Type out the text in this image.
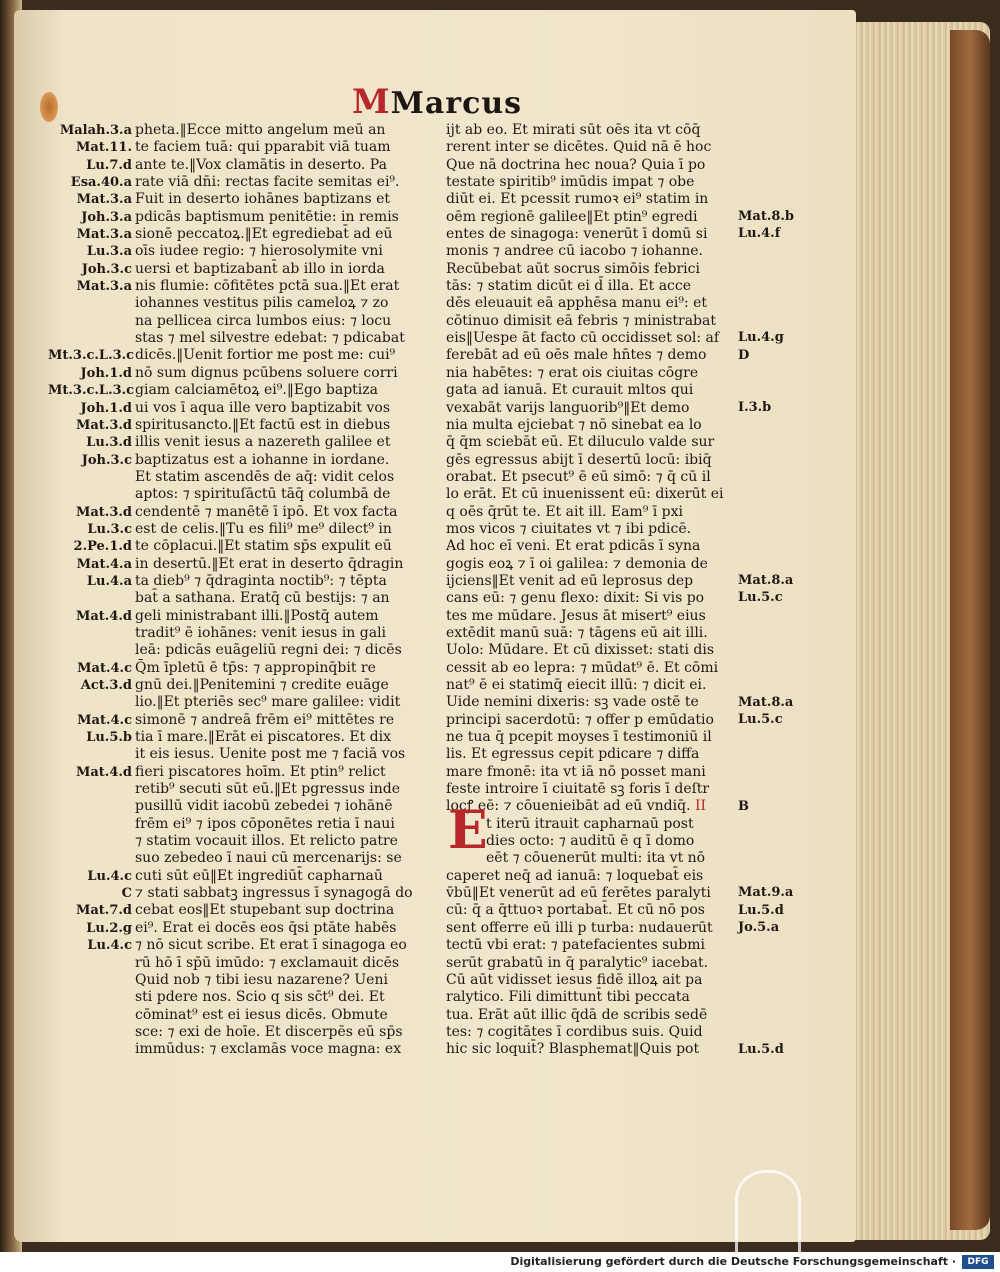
MMarcus
Malah.3.a
Mat.11.
Lu.7.d
Esa.40.a
Mat.3.a
Joh.3.a
Mat.3.a
Lu.3.a
Joh.3.c
Mat.3.a
Mt.3.c.L.3.c
Joh.1.d
Mt.3.c.L.3.c
Joh.1.d
Mat.3.d
Lu.3.d
Joh.3.c
Mat.3.d
Lu.3.c
2.Pe.1.d
Mat.4.a
Lu.4.a
Mat.4.d
Mat.4.c
Act.3.d
Mat.4.c
Lu.5.b
Mat.4.d
Lu.4.c
C
Mat.7.d
Lu.2.g
Lu.4.c
pheta.‖Ecce mitto angelum meū an
te faciem tuā: qui pparabit viā tuam
ante te.‖Vox clamātis in deserto. Pa
rate viā dn̄i: rectas facite semitas ei⁹.
Fuit in deserto iohānes baptizans et
pdicās baptismum penitētie: in remis
sionē peccatoꝝ.‖Et egrediebat̄ ad eū
oīs iudee regio: ⁊ hierosolymite vni
uersi et baptizabant̄ ab illo in iorda
nis flumie: cōfitētes pctā sua.‖Et erat
iohannes vestitus pilis cameloꝝ ⁊ zo
na pellicea circa lumbos eius: ⁊ locu
stas ⁊ mel silvestre edebat: ⁊ pdicabat
dicēs.‖Uenit fortior me post me: cui⁹
nō sum dignus pcūbens soluere corri
giam calciamētoꝝ ei⁹.‖Ego baptiza
ui vos ī aqua ille vero baptizabit vos
spiritusancto.‖Et factū est in diebus
illis venit iesus a nazereth galilee et
baptizatus est a iohanne in iordane.
Et statim ascendēs de aq̄: vidit celos
aptos: ⁊ spirituſāctū tāq̄ columbā de
cendentē ⁊ manētē ī ipō. Et vox facta
est de celis.‖Tu es fili⁹ me⁹ dilect⁹ in
te cōplacui.‖Et statim sp̄s expulit eū
in desertū.‖Et erat in deserto q̄dragin
ta dieb⁹ ⁊ q̄draginta noctib⁹: ⁊ tēpta
bat̄ a sathana. Eratq̄ cū bestijs: ⁊ an
geli ministrabant illi.‖Postq̄ autem
tradit⁹ ē iohānes: venit iesus in gali
leā: pdicās euāgeliū regni dei: ⁊ dicēs
Q̄m īpletū ē tp̄s: ⁊ appropinq̄bit re
gnū dei.‖Penitemini ⁊ credite euāge
lio.‖Et pteriēs sec⁹ mare galilee: vidit
simonē ⁊ andreā frēm ei⁹ mittētes re
tia ī mare.‖Erāt ei piscatores. Et dix
it eis iesus. Uenite post me ⁊ faciā vos
fieri piscatores hoīm. Et ptin⁹ relict
retib⁹ secuti sūt eū.‖Et pgressus inde
pusillū vidit iacobū zebedei ⁊ iohānē
frēm ei⁹ ⁊ ipos cōponētes retia ī naui
⁊ statim vocauit illos. Et relicto patre
suo zebedeo ī naui cū mercenarijs: se
cuti sūt eū‖Et ingrediūt̄ capharnaū
⁊ stati sabbatꝫ ingressus ī synagogā do
cebat eos‖Et stupebant sup doctrina
ei⁹. Erat ei docēs eos q̄si ptāte habēs
⁊ nō sicut scribe. Et erat ī sinagoga eo
rū hō ī sp̄ū imūdo: ⁊ exclamauit dicēs
Quid nob ⁊ tibi iesu nazarene? Ueni
sti pdere nos. Scio q sis sc̄t⁹ dei. Et
cōminat⁹ est ei iesus dicēs. Obmute
sce: ⁊ exi de hoīe. Et discerpēs eū sp̄s
immūdus: ⁊ exclamās voce magna: ex
ijt ab eo. Et mirati sūt oēs ita vt cōq̄
rerent inter se dicētes. Quid nā ē hoc
Que nā doctrina hec noua? Quia ī po
testate spiritib⁹ imūdis impat ⁊ obe
diūt ei. Et pcessit rumoꝛ ei⁹ statim in
oēm regionē galilee‖Et ptin⁹ egredi
entes de sinagoga: venerūt ī domū si
monis ⁊ andree cū iacobo ⁊ iohanne.
Recūbebat aūt socrus simōis febrici
tās: ⁊ statim dicūt ei d̄ illa. Et acce
dēs eleuauit eā apphēsa manu ei⁹: et
cōtinuo dimisit eā febris ⁊ ministrabat
eis‖Uespe āt facto cū occidisset sol: af
ferebāt ad eū oēs male hn̄tes ⁊ demo
nia habētes: ⁊ erat ois ciuitas cōgre
gata ad ianuā. Et curauit mltos qui
vexabāt varijs languorib⁹‖Et demo
nia multa ejciebat ⁊ nō sinebat ea lo
q̄ q̄m sciebāt eū. Et diluculo valde sur
gēs egressus abijt ī desertū locū: ibiq̄
orabat. Et psecut⁹ ē eū simō: ⁊ q̄ cū il
lo erāt. Et cū inuenissent eū: dixerūt ei
q oēs q̄rūt te. Et ait ill. Eam⁹ ī pxi
mos vicos ⁊ ciuitates vt ⁊ ibi pdicē.
Ad hoc eī veni. Et erat pdicās ī syna
gogis eoꝝ ⁊ ī oi galilea: ⁊ demonia de
ijciens‖Et venit ad eū leprosus dep
cans eū: ⁊ genu flexo: dixit: Si vis po
tes me mūdare. Jesus āt misert⁹ eius
extēdit manū suā: ⁊ tāgens eū ait illi.
Uolo: Mūdare. Et cū dixisset: stati dis
cessit ab eo lepra: ⁊ mūdat⁹ ē. Et cōmi
nat⁹ ē ei statimq̄ eiecit illū: ⁊ dicit ei.
Uide nemini dixeris: sꝫ vade ostē te
principi sacerdotū: ⁊ offer p emūdatio
ne tua q̄ pcepit moyses ī testimoniū il
lis. Et egressus cepit pdicare ⁊ diffa
mare fmonē: ita vt iā nō posset mani
feste introire ī ciuitatē sꝫ foris ī deſtr
locꝭ eē: ⁊ cōuenieibāt ad eū vndiq̄. II
t iterū itrauit capharnaū post
dies octo: ⁊ auditū ē q ī domo
eēt ⁊ cōuenerūt multi: ita vt nō
caperet neq̄ ad ianuā: ⁊ loquebat̄ eis
v̄bū‖Et venerūt ad eū ferētes paralyti
cū: q̄ a q̄ttuoꝛ portabat̄. Et cū nō pos
sent offerre eū illi p turba: nudauerūt
tectū vbi erat: ⁊ patefacientes submi
serūt grabatū in q̄ paralytic⁹ iacebat.
Cū aūt vidisset iesus fidē illoꝝ ait pa
ralytico. Fili dimittunt̄ tibi peccata
tua. Erāt aūt illic q̄dā de scribis sedē
tes: ⁊ cogitātes ī cordibus suis. Quid
hic sic loquit̄? Blasphemat‖Quis pot
Mat.8.b
Lu.4.f
Lu.4.g
D
I.3.b
Mat.8.a
Lu.5.c
Mat.8.a
Lu.5.c
B
Mat.9.a
Lu.5.d
Jo.5.a
Lu.5.d
E
Digitalisierung gefördert durch die Deutsche Forschungsgemeinschaft ·	DFG
